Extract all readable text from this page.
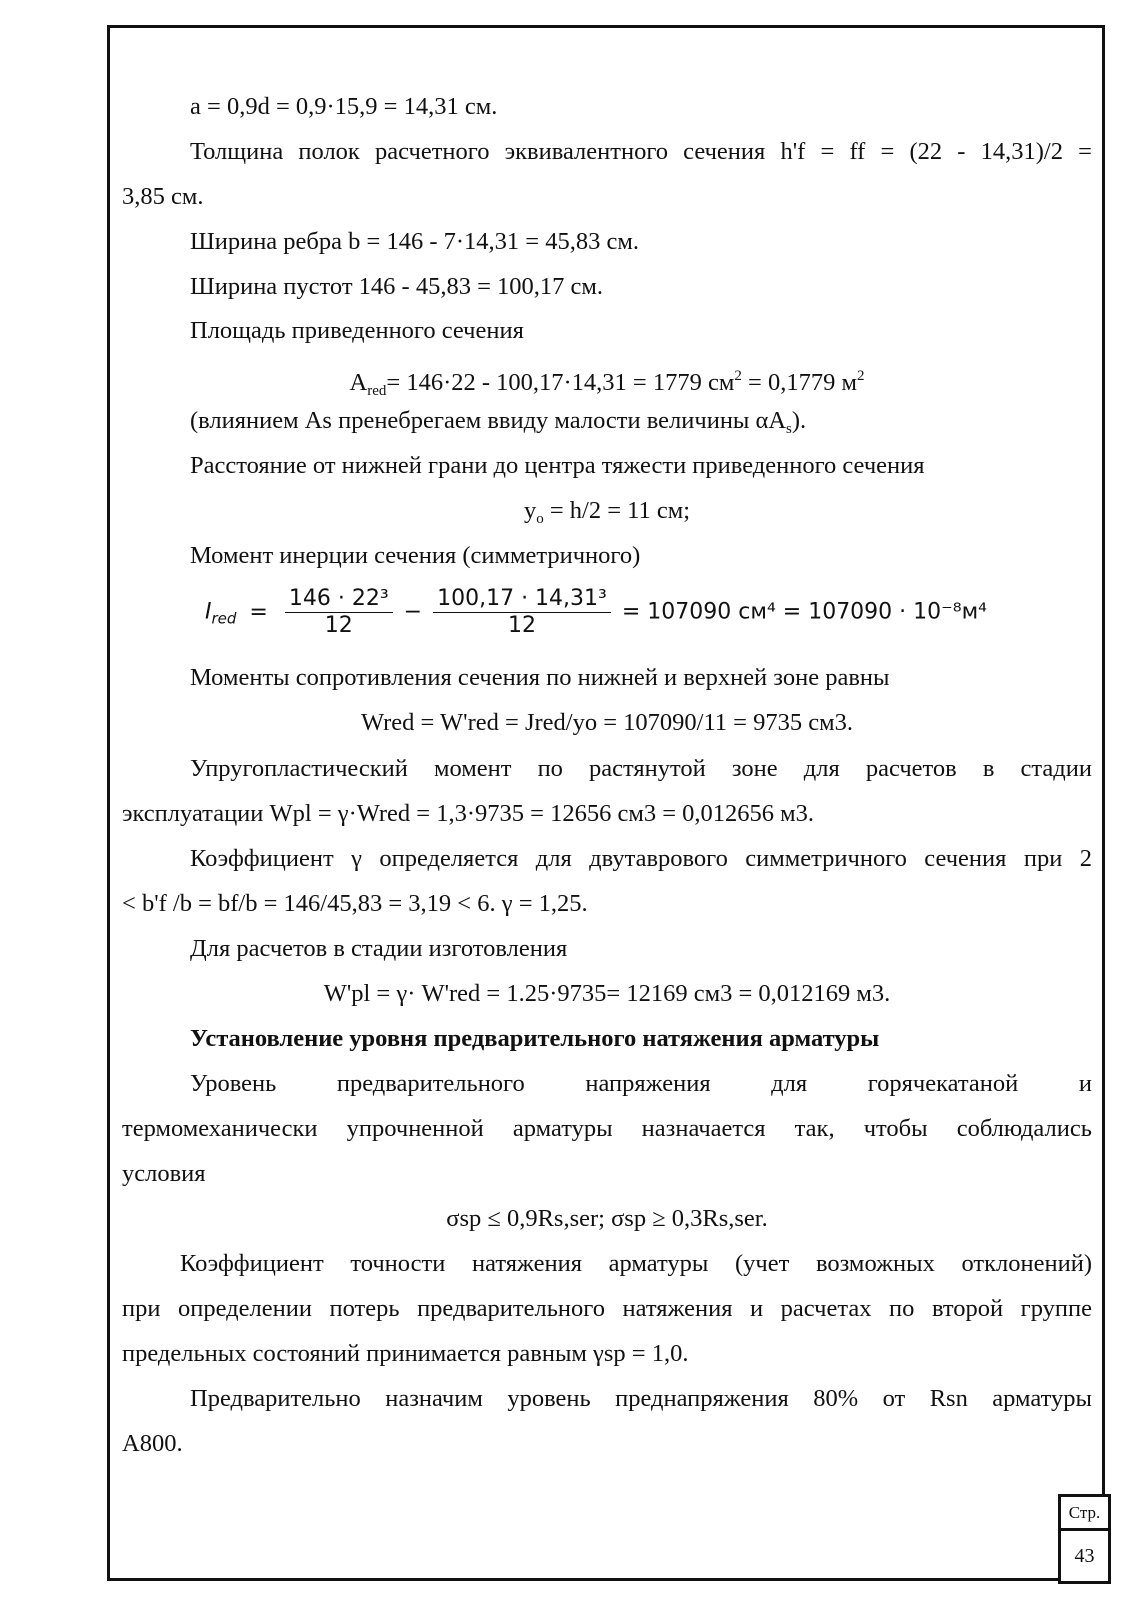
a = 0,9d = 0,9·15,9 = 14,31 см.
Толщина полок расчетного эквивалентного сечения h'f = ff = (22 - 14,31)/2 =
3,85 см.
Ширина ребра b = 146 - 7·14,31 = 45,83 см.
Ширина пустот 146 - 45,83 = 100,17 см.
Площадь приведенного сечения
$A_{red}= 146\cdot 22 - 100,17\cdot 14,31 = 1779$ $см^2 = 0,1779$ $м^2$
(влиянием As пренебрегаем ввиду малости величины $\alpha A_s$).
Расстояние от нижней грани до центра тяжести приведенного сечения
$y_o = h/2 = 11$ см;
Момент инерции сечения (симметричного)
$I_{red} = \frac{\text{146 · 22³}}{12} - \frac{\text{100,17 · 14,31³}}{12} = 107090$ см⁴ = 107090 · 10⁻⁸м⁴
Моменты сопротивления сечения по нижней и верхней зоне равны
Wred = W'red = Jred/yo = 107090/11 = 9735 см3.
Упругопластический момент по растянутой зоне для расчетов в стадии
эксплуатации Wpl = γ·Wred = 1,3·9735 = 12656 см3 = 0,012656 м3.
Коэффициент γ определяется для двутаврового симметричного сечения при 2
< b'f /b = bf/b = 146/45,83 = 3,19 < 6. γ = 1,25.
Для расчетов в стадии изготовления
W'pl = γ· W'red = 1.25·9735= 12169 см3 = 0,012169 м3.
Установление уровня предварительного натяжения арматуры
Уровень предварительного напряжения для горячекатаной и
термомеханически упрочненной арматуры назначается так, чтобы соблюдались
условия
σsp ≤ 0,9Rs,ser; σsp ≥ 0,3Rs,ser.
Коэффициент точности натяжения арматуры (учет возможных отклонений)
при определении потерь предварительного натяжения и расчетах по второй группе
предельных состояний принимается равным γsp = 1,0.
Предварительно назначим уровень преднапряжения 80% от Rsn арматуры
A800.
Стр.
43
